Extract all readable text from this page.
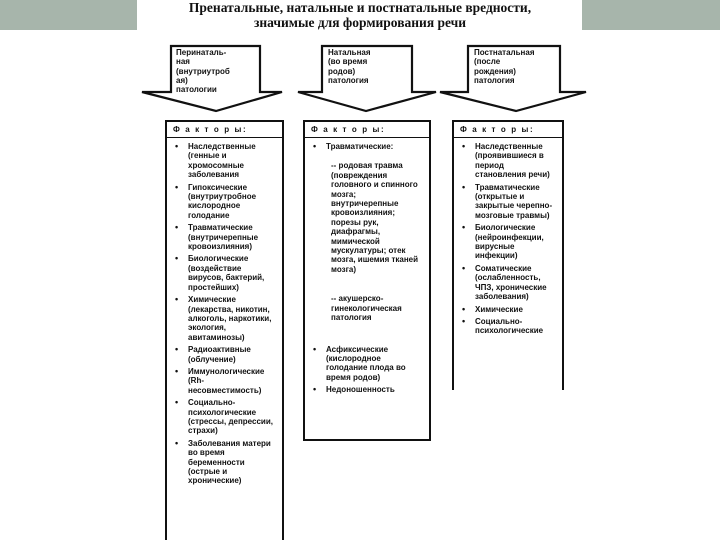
Пренатальные, натальные и постнатальные вредности,
значимые для формирования речи
Перинаталь-
ная
(внутриутроб
ая)
патологии
Натальная
(во время
родов)
патология
Постнатальная
(после
рождения)
патология
Ф а к т о р ы:
• Наследственные (генные и хромосомные заболевания
• Гипоксические (внутриутробное кислородное голодание
• Травматические (внутричерепные кровоизлияния)
• Биологические (воздействие вирусов, бактерий, простейших)
• Химические (лекарства, никотин, алкоголь, наркотики, экология, авитаминозы)
• Радиоактивные (облучение)
• Иммунологические (Rh-несовместимость)
• Социально-психологические (стрессы, депрессии, страхи)
• Заболевания матери во время беременности (острые и хронические)
Ф а к т о р ы:
• Травматические:
-- родовая травма (повреждения головного и спинного мозга; внутричерепные кровоизлияния; порезы рук, диафрагмы, мимической мускулатуры; отек мозга, ишемия тканей мозга)
-- акушерско-гинекологическая патология
• Асфиксические (кислородное голодание плода во время родов)
• Недоношенность
Ф а к т о р ы:
• Наследственные (проявившиеся в период становления речи)
• Травматические (открытые и закрытые черепно-мозговые травмы)
• Биологические (нейроинфекции, вирусные инфекции)
• Соматические (ослабленность, ЧПЗ, хронические заболевания)
• Химические
• Социально-психологические
